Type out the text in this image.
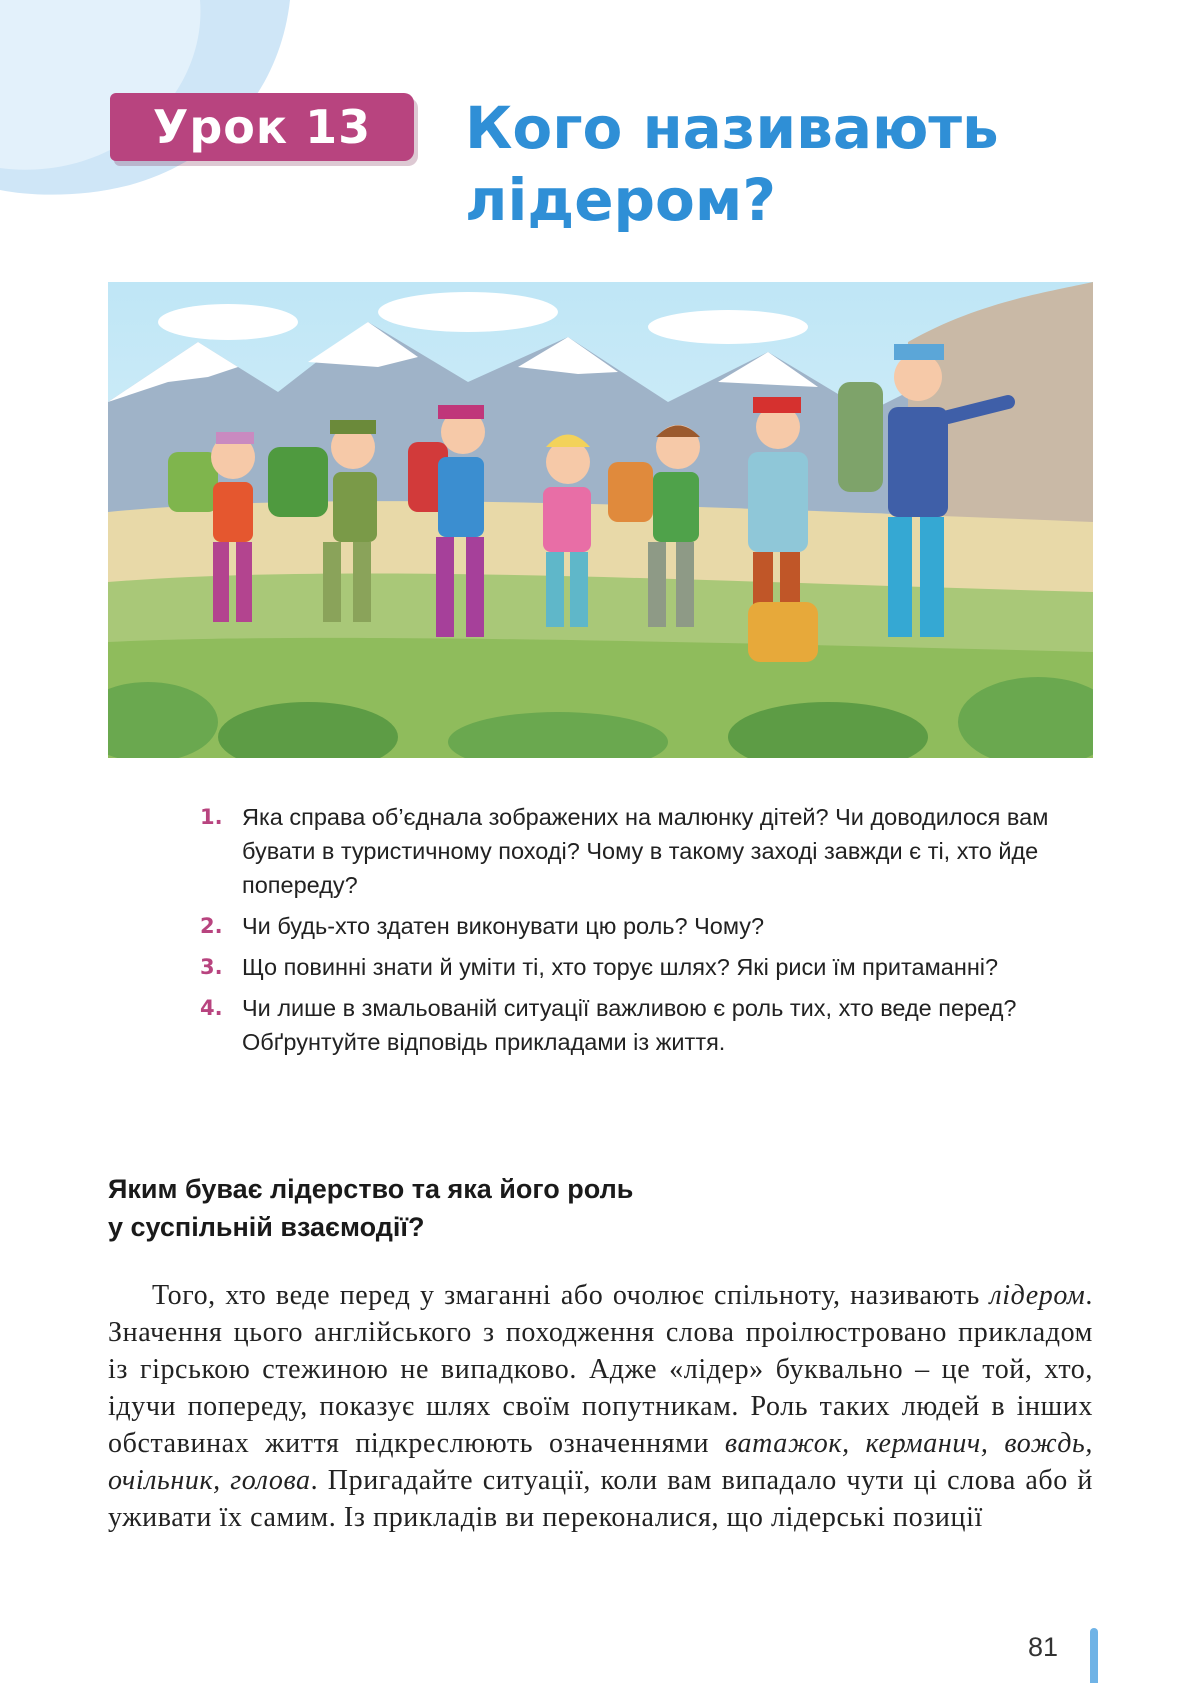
Урок 13	Кого називають
лідером?
1. Яка справа об’єднала зображених на малюнку дітей? Чи доводилося вам бувати в туристичному поході? Чому в такому заході завжди є ті, хто йде попереду?
2. Чи будь-хто здатен виконувати цю роль? Чому?
3. Що повинні знати й уміти ті, хто торує шлях? Які риси їм притаманні?
4. Чи лише в змальованій ситуації важливою є роль тих, хто веде перед? Обґрунтуйте відповідь прикладами із життя.
Яким буває лідерство та яка його роль
у суспільній взаємодії?

Того, хто веде перед у змаганні або очолює спільноту, називають лідером. Значення цього англійського з походження слова проілюстровано прикладом із гірською стежиною не випадково. Адже «лідер» буквально – це той, хто, ідучи попереду, показує шлях своїм попутникам. Роль таких людей в інших обставинах життя підкреслюють означеннями ватажок, керманич, вождь, очільник, голова. Пригадайте ситуації, коли вам випадало чути ці слова або й уживати їх самим. Із прикладів ви переконалися, що лідерські позиції

81
